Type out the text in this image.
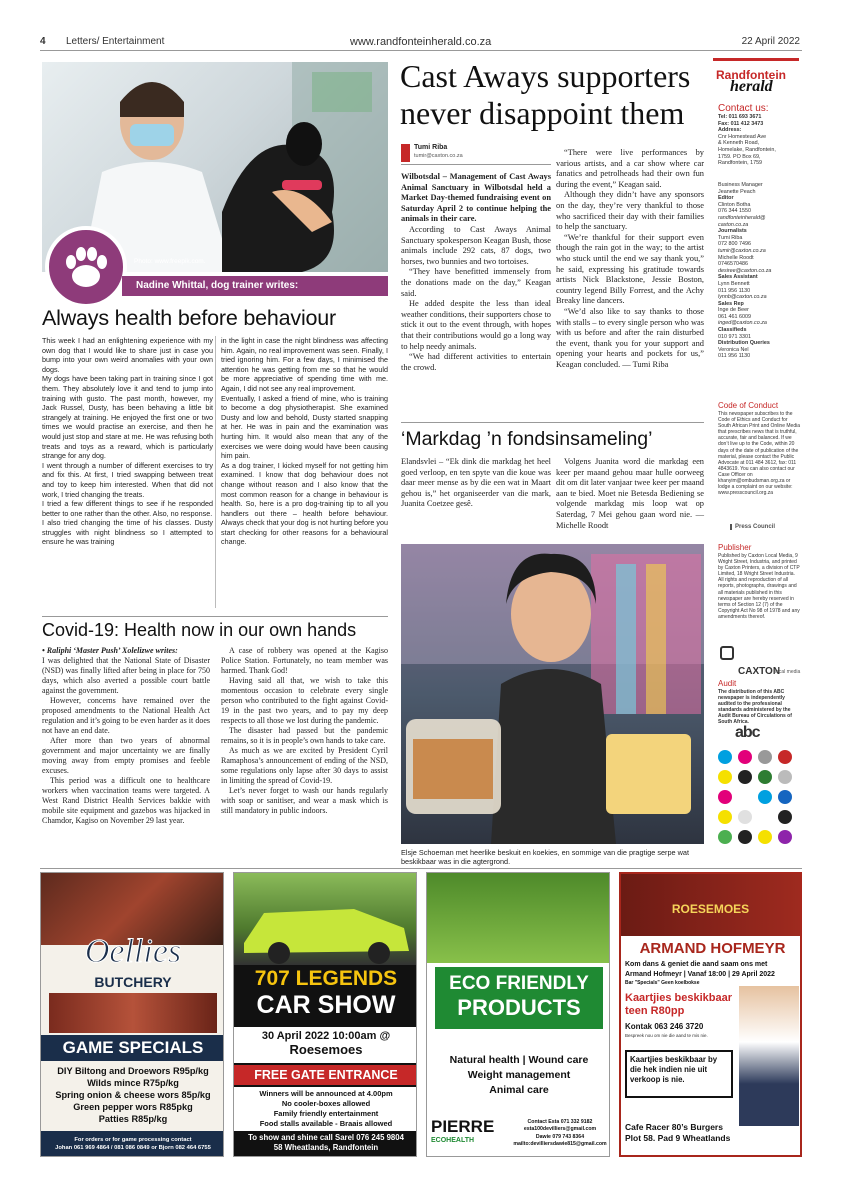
4 Letters/ Entertainment	www.randfonteinherald.co.za	22 April 2022
Photo: www.freepik.com.
Nadine Whittal, dog trainer writes:
Always health before behaviour

This week I had an enlightening experience with my own dog that I would like to share just in case you bump into your own weird anomalies with your own dogs.

My dogs have been taking part in training since I got them. They absolutely love it and tend to jump into training with gusto. The past month, however, my Jack Russel, Dusty, has been behaving a little bit strangely at training. He enjoyed the first one or two times we would practise an exercise, and then he would just stop and stare at me. He was refusing both treats and toys as a reward, which is particularly strange for any dog.

I went through a number of different exercises to try and fix this. At first, I tried swapping between treat and toy to keep him interested. When that did not work, I tried changing the treats.

I tried a few different things to see if he responded better to one rather than the other. Also, no response.

I also tried changing the time of his classes. Dusty struggles with night blindness so I attempted to ensure he was training

in the light in case the night blindness was affecting him. Again, no real improvement was seen. Finally, I tried ignoring him. For a few days, I minimised the attention he was getting from me so that he would be more appreciative of spending time with me. Again, I did not see any real improvement.

Eventually, I asked a friend of mine, who is training to become a dog physiotherapist. She examined Dusty and low and behold, Dusty started snapping at her. He was in pain and the examination was hurting him. It would also mean that any of the exercises we were doing would have been causing him pain.

As a dog trainer, I kicked myself for not getting him examined. I know that dog behaviour does not change without reason and I also know that the most common reason for a change in behaviour is health. So, here is a pro dog-training tip to all you handlers out there – health before behaviour. Always check that your dog is not hurting before you start checking for other reasons for a behavioural change.

Covid-19: Health now in our own hands

• Raliphi ‘Master Push’ Xolelizwe writes:

I was delighted that the National State of Disaster (NSD) was finally lifted after being in place for 750 days, which also averted a possible court battle against the government.

However, concerns have remained over the proposed amendments to the National Health Act regulation and it’s going to be even harder as it does not have an end date.

After more than two years of abnormal government and major uncertainty we are finally moving away from empty promises and feeble excuses.

This period was a difficult one to healthcare workers when vaccination teams were targeted. A West Rand District Health Services bakkie with mobile site equipment and gazebos was hijacked in Chamdor, Kagiso on November 29 last year.

A case of robbery was opened at the Kagiso Police Station. Fortunately, no team member was harmed. Thank God!

Having said all that, we wish to take this momentous occasion to celebrate every single person who contributed to the fight against Covid-19 in the past two years, and to pay my deep respects to all those we lost during the pandemic.

The disaster had passed but the pandemic remains, so it is in people’s own hands to take care.

As much as we are excited by President Cyril Ramaphosa’s announcement of ending of the NSD, some regulations only lapse after 30 days to assist in limiting the spread of Covid-19.

Let’s never forget to wash our hands regularly with soap or sanitiser, and wear a mask which is still mandatory in public indoors.

Cast Aways supporters never disappoint them
Tumi Riba
tumir@caxton.co.za

Wilbotsdal – Management of Cast Aways Animal Sanctuary in Wilbotsdal held a Market Day-themed fundraising event on Saturday April 2 to continue helping the animals in their care.

According to Cast Aways Animal Sanctuary spokesperson Keagan Bush, those animals include 292 cats, 87 dogs, two horses, two bunnies and two tortoises.

“They have benefitted immensely from the donations made on the day,” Keagan said.

He added despite the less than ideal weather conditions, their supporters chose to stick it out to the event through, with hopes that their contributions would go a long way to help needy animals.

“We had different activities to entertain the crowd.

“There were live performances by various artists, and a car show where car fanatics and petrolheads had their own fun during the event,” Keagan said.

Although they didn’t have any sponsors on the day, they’re very thankful to those who sacrificed their day with their families to help the sanctuary.

“We’re thankful for their support even though the rain got in the way; to the artist who stuck until the end we say thank you,” he said, expressing his gratitude towards artists Nick Blackstone, Jessie Boston, country legend Billy Forrest, and the Achy Breaky line dancers.

“We’d also like to say thanks to those with stalls – to every single person who was with us before and after the rain disturbed the event, thank you for your support and opening your hearts and pockets for us,” Keagan concluded. — Tumi Riba

‘Markdag ’n fondsinsameling’

Elandsvlei – “Ek dink die markdag het heel goed verloop, en ten spyte van die koue was daar meer mense as by die een wat in Maart gehou is,” het organiseerder van die mark, Juanita Coetzee gesê.

Volgens Juanita word die markdag een keer per maand gehou maar hulle oorweeg dit om dit later vanjaar twee keer per maand aan te bied. Moet nie Betesda Bediening se volgende markdag mis loop wat op Saterdag, 7 Mei gehou gaan word nie. — Michelle Roodt

Elsje Schoeman met heerlike beskuit en koekies, en sommige van die pragtige serpe wat beskikbaar was in die agtergrond.
Randfontein
herald
Contact us:
Tel: 011 693 3671
Fax: 011 412 3473
Address:
Cnr Homestead Ave
& Kenneth Road,
Homelake, Randfontein,
1759. PO Box 69,
Randfontein, 1759
Business Manager
Jeanette Peach
Editor
Clinton Botha
076 344 1550
randfonteinherald@
caxton.co.za
Journalists
Tumi Riba
072 800 7496
tumir@caxton.co.za
Michelle Roodt
0746570486
desiree@caxton.co.za
Sales Assistant
Lynn Bennett
011 956 1130
lynnb@caxton.co.za
Sales Rep
Inge de Beer
061 461 6009
inged@caxton.co.za
Classifieds
010 971 3301
Distribution Queries
Veronica Nel
011 956 1130
Code of Conduct
This newspaper subscribes to the Code of Ethics and Conduct for South African Print and Online Media that prescribes news that is truthful, accurate, fair and balanced. If we don’t live up to the Code, within 20 days of the date of publication of the material, please contact the Public Advocate at 011 484 3612, fax: 011 4843619. You can also contact our Case Officer on khanyim@ombudsman.org.za or lodge a complaint on our website: www.presscouncil.org.za
Press Council
Publisher
Published by Caxton Local Media, 9 Wright Street, Industria, and printed by Caxton Printers, a division of CTP Limited, 18 Wright Street Industria. All rights and reproduction of all reports, photographs, drawings and all materials published in this newspaper are hereby reserved in terms of Section 12 (7) of the Copyright Act No 98 of 1978 and any amendments thereof.
CAXTON
local media
Audit
The distribution of this ABC newspaper is independently audited to the professional standards administered by the Audit Bureau of Circulations of South Africa.
abc
Oellies
BUTCHERY
GAME SPECIALS
DIY Biltong and Droewors R95p/kg
Wilds mince R75p/kg
Spring onion & cheese wors 85p/kg
Green pepper wors R85pkg
Patties R85p/kg
For orders or for game processing contact
Johan 061 969 4864 / 081 086 0849 or Bjorn 082 464 6755
707 LEGENDS
CAR SHOW
30 April 2022 10:00am @
Roesemoes
FREE GATE ENTRANCE
Winners will be announced at 4.00pm
No cooler-boxes allowed
Family friendly entertainment
Food stalls available - Braais allowed
To show and shine call Sarel 076 245 9804
58 Wheatlands, Randfontein
ECO FRIENDLY
PRODUCTS
Natural health | Wound care
Weight management
Animal care
PIERRE
ECOHEALTH
Contact Esta 071 332 9182
esta100devilliers@gmail.com
Dawie 079 743 8364
mailto:devilliersdawie815@gmail.com
ROESEMOES
ARMAND HOFMEYR
Kom dans & geniet die aand saam ons met
Armand Hofmeyr | Vanaf 18:00 | 29 April 2022
Bar "Specials" Geen koelbokse
Kaartjies beskikbaar teen R80pp
Kontak 063 246 3720
Bespreek nou om nie die aand te mis nie.
Kaartjies beskikbaar by die hek indien nie uit verkoop is nie.
Cafe Racer 80’s Burgers
Plot 58. Pad 9 Wheatlands
